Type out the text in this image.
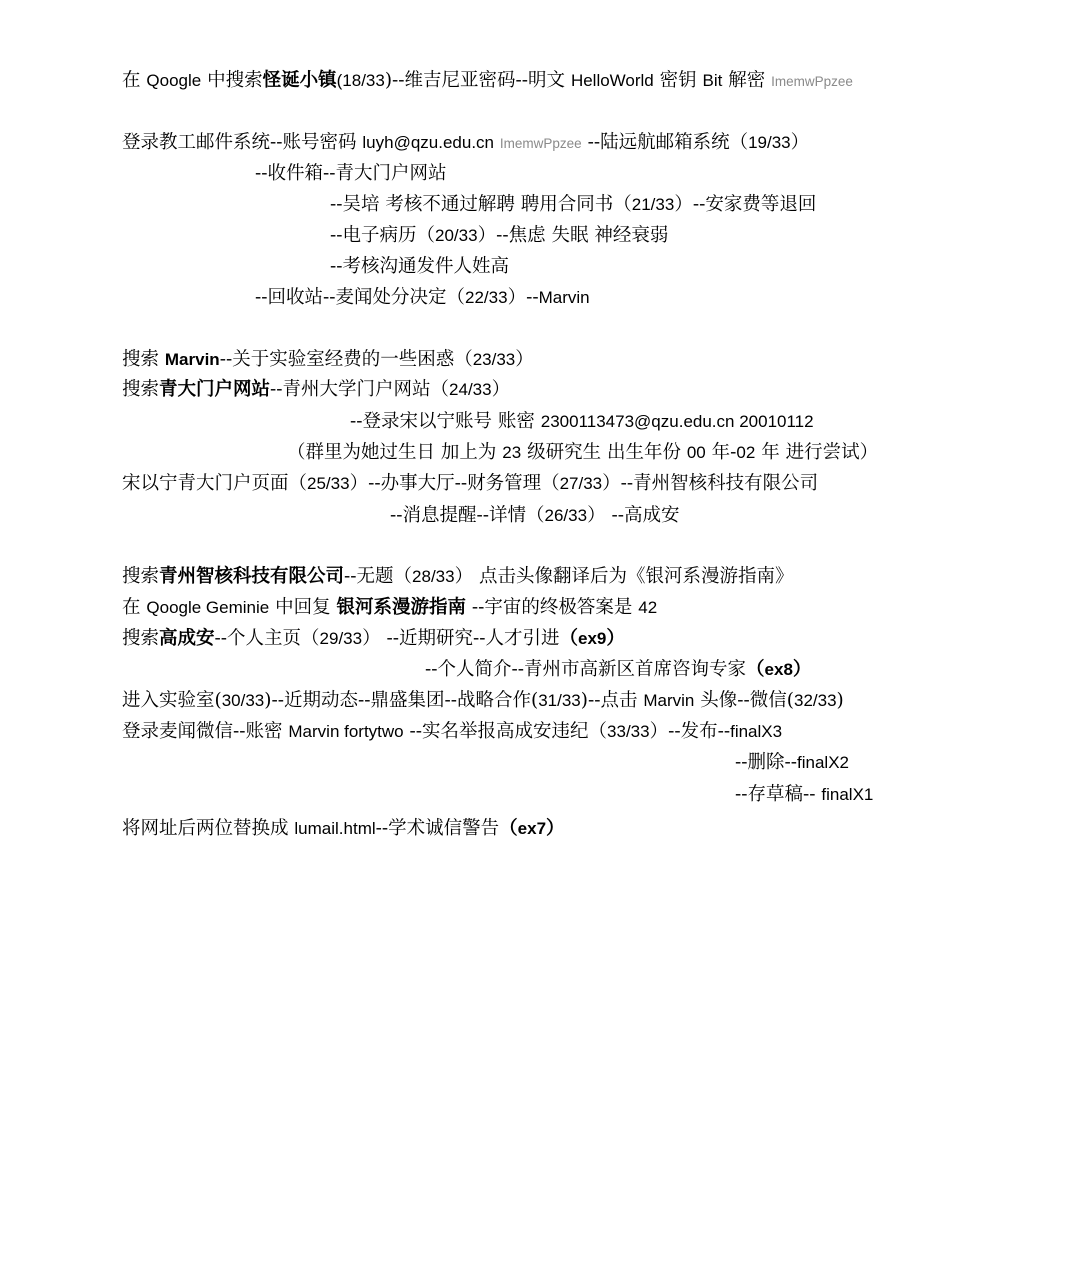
在 Qoogle 中搜索怪诞小镇(18/33)--维吉尼亚密码--明文 HelloWorld 密钥 Bit 解密 ImemwPpzee
登录教工邮件系统--账号密码 luyh@qzu.edu.cn ImemwPpzee --陆远航邮箱系统（19/33）
--收件箱--青大门户网站
--吴培 考核不通过解聘 聘用合同书（21/33）--安家费等退回
--电子病历（20/33）--焦虑 失眠 神经衰弱
--考核沟通发件人姓高
--回收站--麦闻处分决定（22/33）--Marvin
搜索 Marvin--关于实验室经费的一些困惑（23/33）
搜索青大门户网站--青州大学门户网站（24/33）
--登录宋以宁账号 账密 2300113473@qzu.edu.cn 20010112
（群里为她过生日 加上为 23 级研究生 出生年份 00 年-02 年 进行尝试）
宋以宁青大门户页面（25/33）--办事大厅--财务管理（27/33）--青州智核科技有限公司
--消息提醒--详情（26/33） --高成安
搜索青州智核科技有限公司--无题（28/33） 点击头像翻译后为《银河系漫游指南》
在 Qoogle Geminie 中回复 银河系漫游指南 --宇宙的终极答案是 42
搜索高成安--个人主页（29/33） --近期研究--人才引进（ex9）
--个人简介--青州市高新区首席咨询专家（ex8）
进入实验室(30/33)--近期动态--鼎盛集团--战略合作(31/33)--点击 Marvin 头像--微信(32/33)
登录麦闻微信--账密 Marvin fortytwo --实名举报高成安违纪（33/33）--发布--finalX3
--删除--finalX2
--存草稿-- finalX1
将网址后两位替换成 lumail.html--学术诚信警告（ex7）
